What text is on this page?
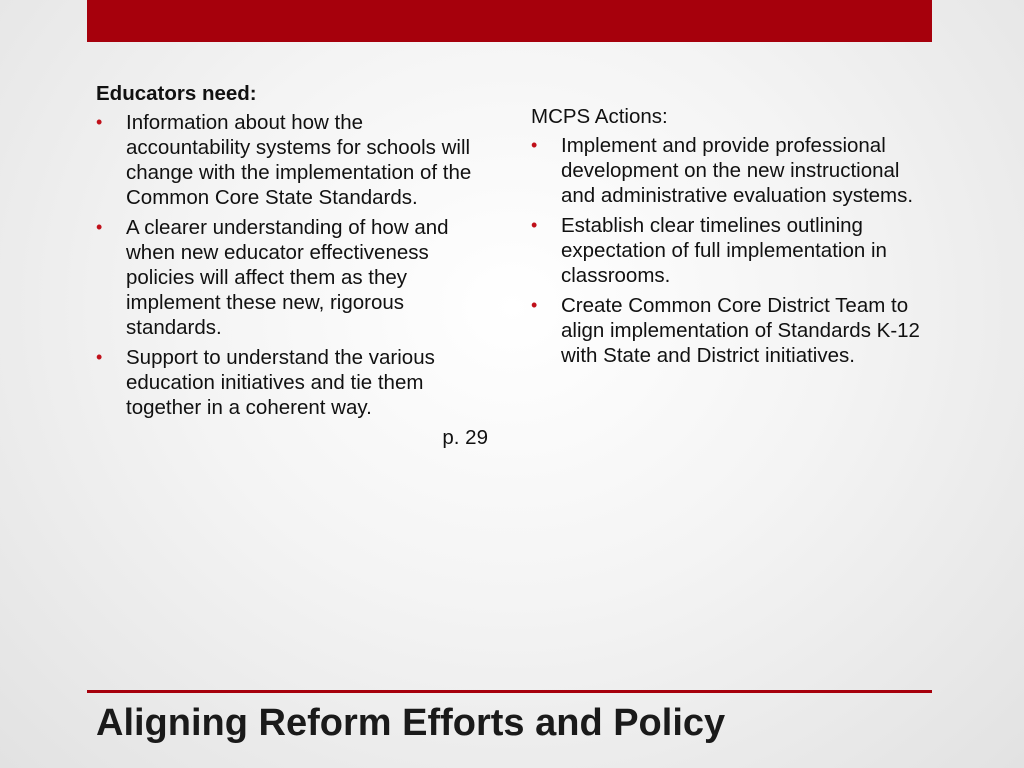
Educators need:
• Information about how the accountability systems for schools will change with the implementation of the Common Core State Standards.
• A clearer understanding of how and when new educator effectiveness policies will affect them as they implement these new, rigorous standards.
• Support to understand the various education initiatives and tie them together in a coherent way.
p. 29
MCPS Actions:
• Implement and provide professional development on the new instructional and administrative evaluation systems.
• Establish clear timelines outlining expectation of full implementation in classrooms.
• Create Common Core District Team to align implementation of Standards K-12 with State and District initiatives.
Aligning Reform Efforts and Policy
